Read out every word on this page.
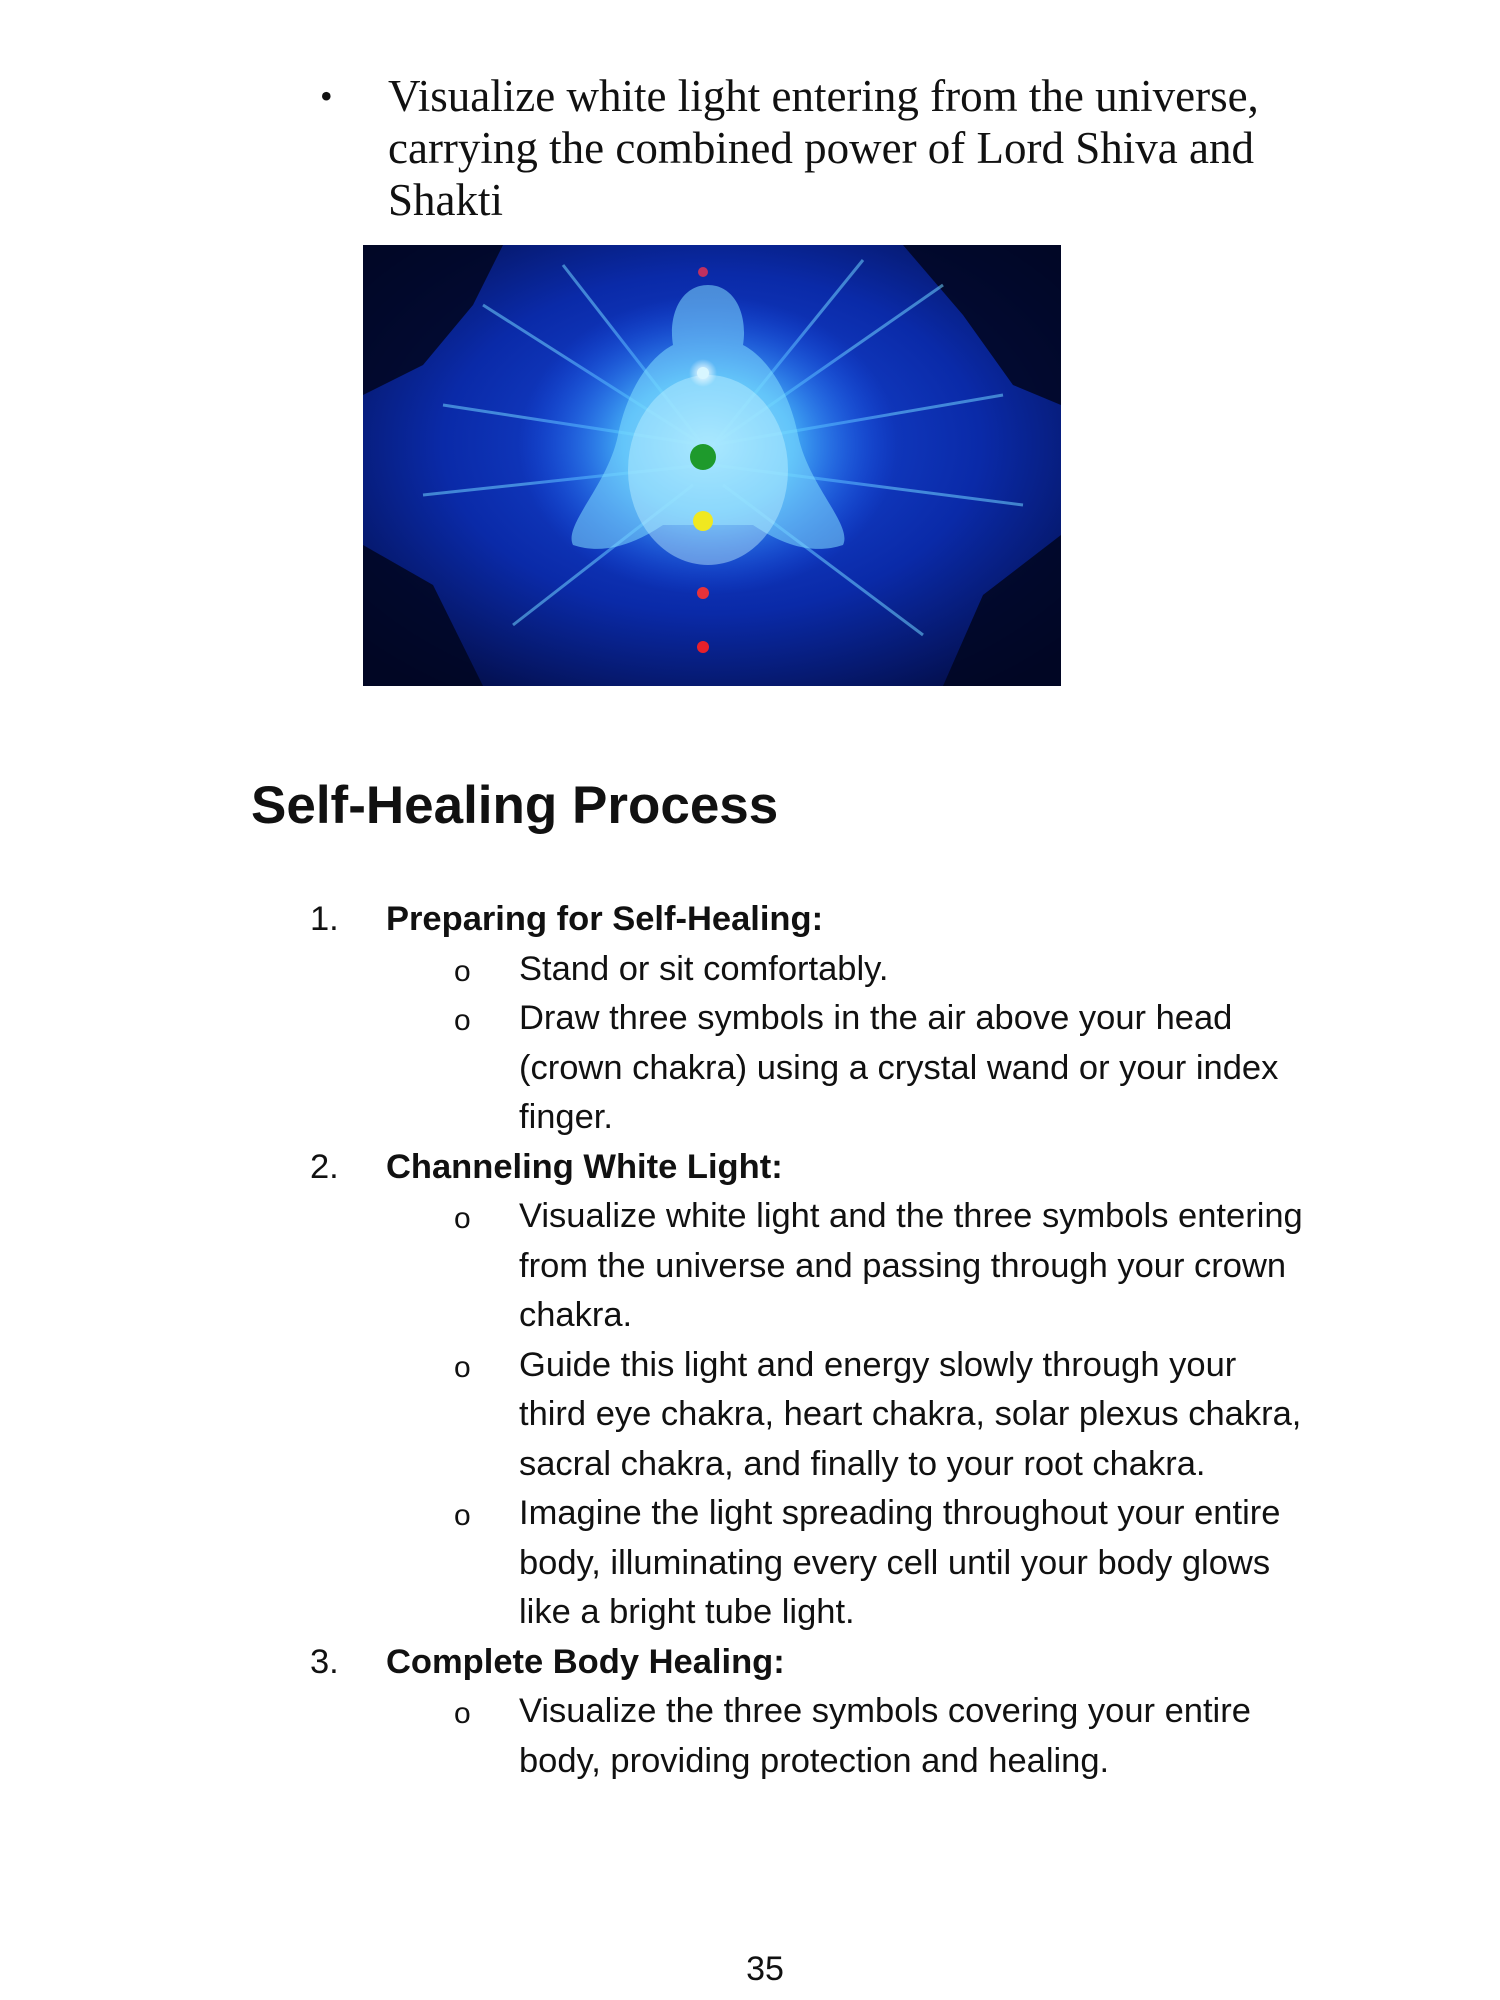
•	Visualize white light entering from the universe, carrying the combined power of Lord Shiva and Shakti
Self-Healing Process
1. Preparing for Self-Healing:
o Stand or sit comfortably.
o Draw three symbols in the air above your head (crown chakra) using a crystal wand or your index finger.
2. Channeling White Light:
o Visualize white light and the three symbols entering from the universe and passing through your crown chakra.
o Guide this light and energy slowly through your third eye chakra, heart chakra, solar plexus chakra, sacral chakra, and finally to your root chakra.
o Imagine the light spreading throughout your entire body, illuminating every cell until your body glows like a bright tube light.
3. Complete Body Healing:
o Visualize the three symbols covering your entire body, providing protection and healing.
35
